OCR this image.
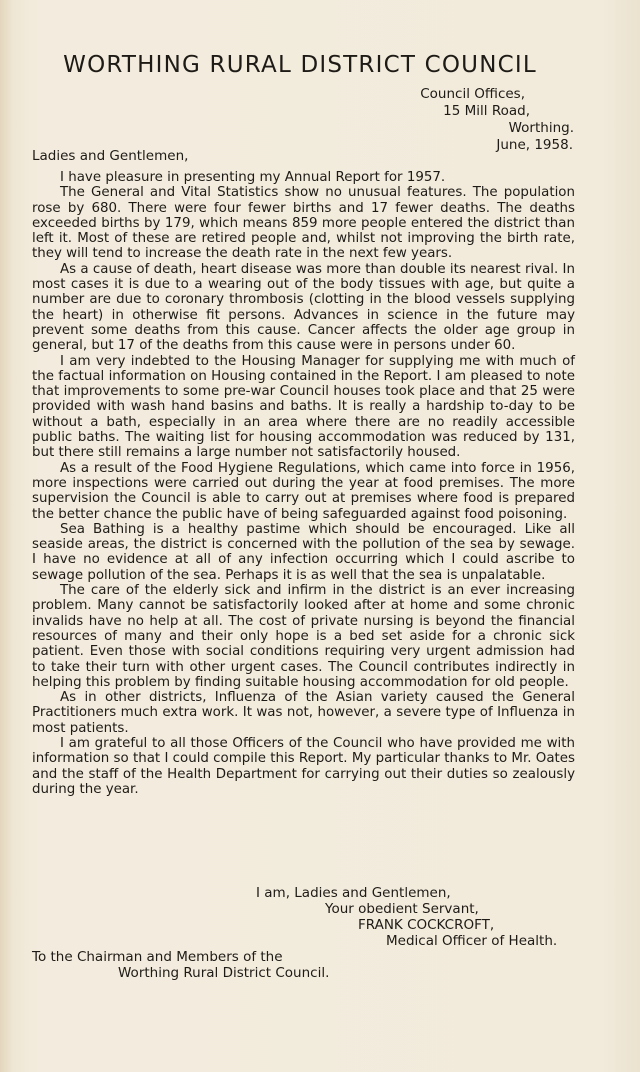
WORTHING RURAL DISTRICT COUNCIL
Council Offices,
15 Mill Road,
Worthing.
June, 1958.
Ladies and Gentlemen,

I have pleasure in presenting my Annual Report for 1957.

The General and Vital Statistics show no unusual features. The population rose by 680. There were four fewer births and 17 fewer deaths. The deaths exceeded births by 179, which means 859 more people entered the district than left it. Most of these are retired people and, whilst not improving the birth rate, they will tend to increase the death rate in the next few years.

As a cause of death, heart disease was more than double its nearest rival. In most cases it is due to a wearing out of the body tissues with age, but quite a number are due to coronary thrombosis (clotting in the blood vessels supplying the heart) in otherwise fit persons. Advances in science in the future may prevent some deaths from this cause. Cancer affects the older age group in general, but 17 of the deaths from this cause were in persons under 60.

I am very indebted to the Housing Manager for supplying me with much of the factual information on Housing contained in the Report. I am pleased to note that improvements to some pre-war Council houses took place and that 25 were provided with wash hand basins and baths. It is really a hardship to-day to be without a bath, especially in an area where there are no readily accessible public baths. The waiting list for housing accommodation was reduced by 131, but there still remains a large number not satisfactorily housed.

As a result of the Food Hygiene Regulations, which came into force in 1956, more inspections were carried out during the year at food premises. The more supervision the Council is able to carry out at premises where food is prepared the better chance the public have of being safeguarded against food poisoning.

Sea Bathing is a healthy pastime which should be encouraged. Like all seaside areas, the district is concerned with the pollution of the sea by sewage. I have no evidence at all of any infection occurring which I could ascribe to sewage pollution of the sea. Perhaps it is as well that the sea is unpalatable.

The care of the elderly sick and infirm in the district is an ever increasing problem. Many cannot be satisfactorily looked after at home and some chronic invalids have no help at all. The cost of private nursing is beyond the financial resources of many and their only hope is a bed set aside for a chronic sick patient. Even those with social conditions requiring very urgent admission had to take their turn with other urgent cases. The Council contributes indirectly in helping this problem by finding suitable housing accommodation for old people.

As in other districts, Influenza of the Asian variety caused the General Practitioners much extra work. It was not, however, a severe type of Influenza in most patients.

I am grateful to all those Officers of the Council who have provided me with information so that I could compile this Report. My particular thanks to Mr. Oates and the staff of the Health Department for carrying out their duties so zealously during the year.

I am, Ladies and Gentlemen,
Your obedient Servant,
FRANK COCKCROFT,
Medical Officer of Health.
To the Chairman and Members of the
Worthing Rural District Council.
